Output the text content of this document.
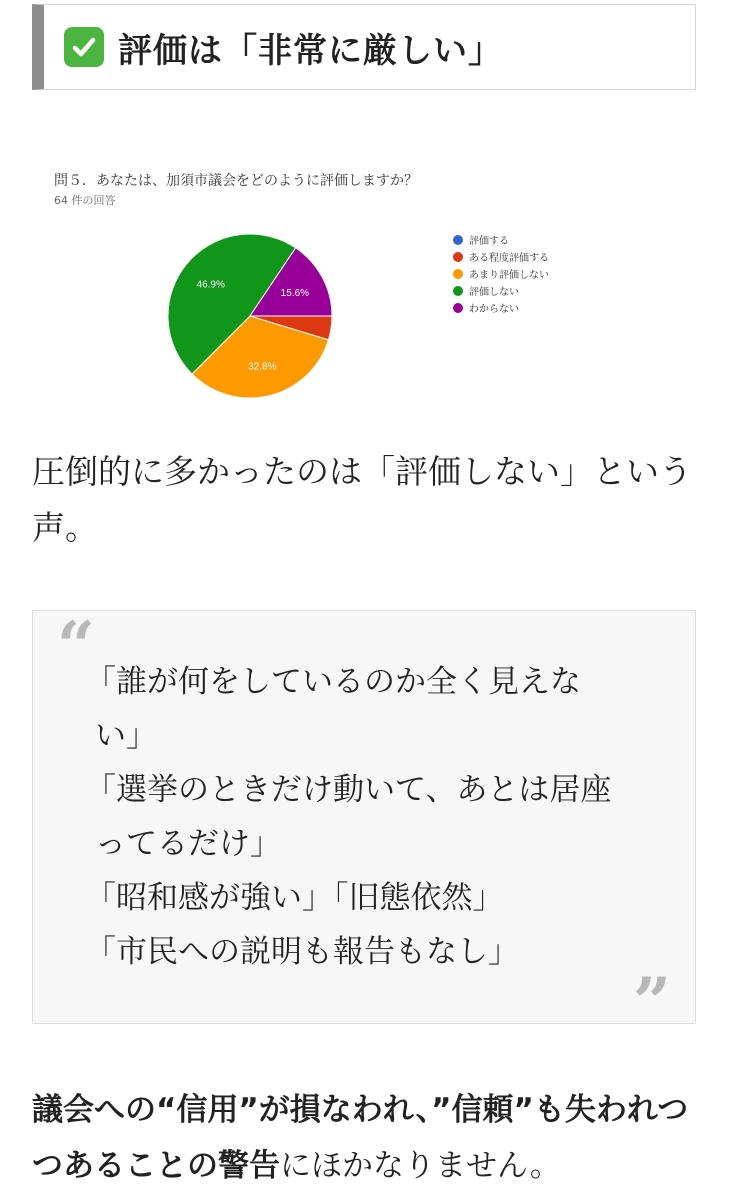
評価は「非常に厳しい」
32.8%
46.9%
15.6%
評価する
ある程度評価する
あまり評価しない
評価しない
わからない
問５．あなたは、加須市議会をどのように評価しますか？
64 件の回答

圧倒的に多かったのは「評価しない」という声。

“
「誰が何をしているのか全く見えな
い」
「選挙のときだけ動いて、あとは居座
ってるだけ」
「昭和感が強い」「旧態依然」
「市民への説明も報告もなし」
”

議会への“信用”が損なわれ、”信頼”も失われつつあることの警告にほかなりません。
